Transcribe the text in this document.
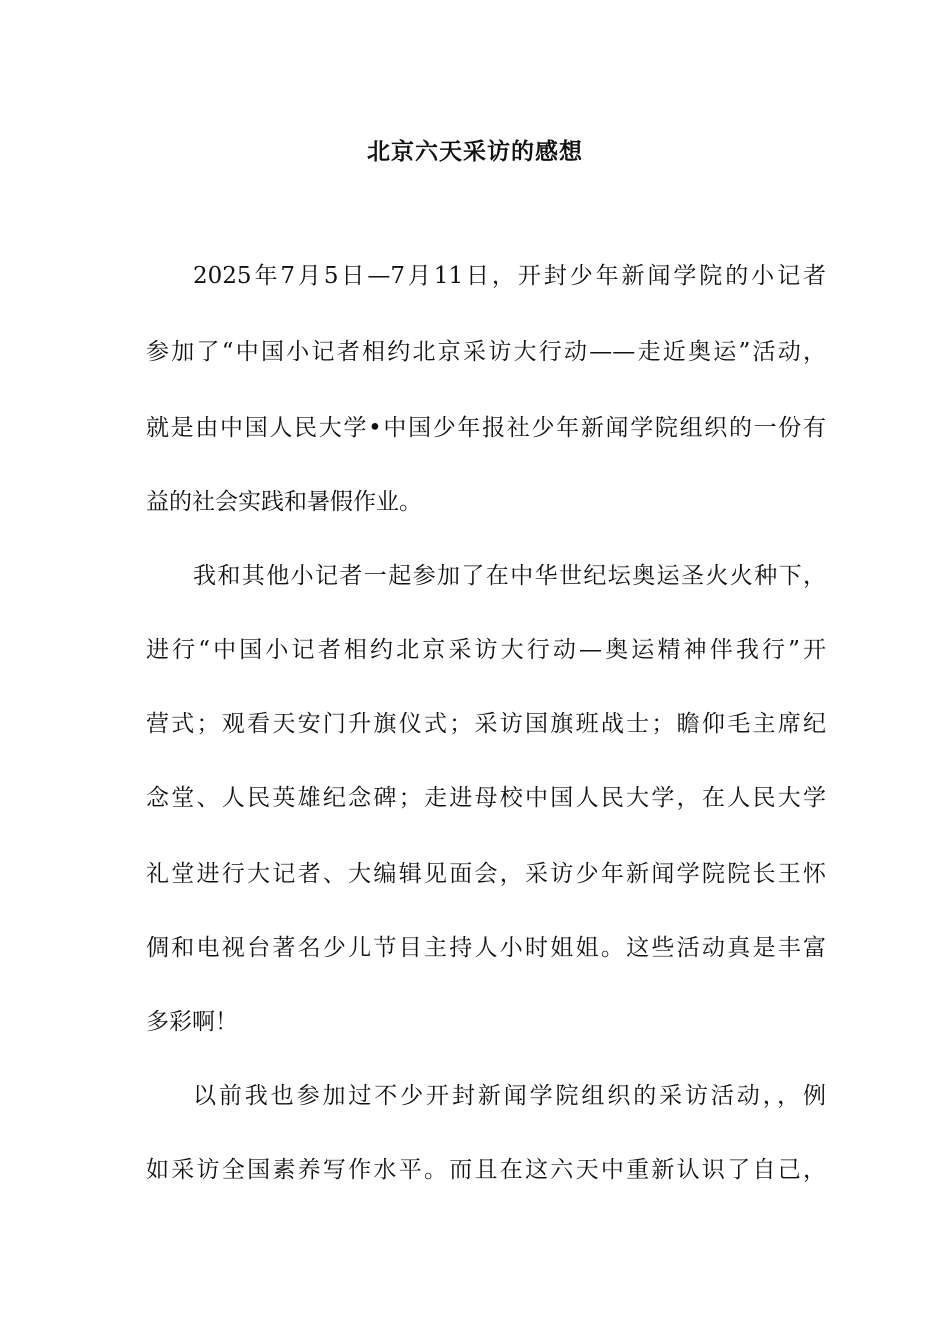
北京六天采访的感想
2025年7月5日—7月11日，开封少年新闻学院的小记者
参加了“中国小记者相约北京采访大行动——走近奥运”活动，
就是由中国人民大学•中国少年报社少年新闻学院组织的一份有
益的社会实践和暑假作业。
我和其他小记者一起参加了在中华世纪坛奥运圣火火种下，
进行“中国小记者相约北京采访大行动—奥运精神伴我行”开
营式；观看天安门升旗仪式；采访国旗班战士；瞻仰毛主席纪
念堂、人民英雄纪念碑；走进母校中国人民大学，在人民大学
礼堂进行大记者、大编辑见面会，采访少年新闻学院院长王怀
倜和电视台著名少儿节目主持人小时姐姐。这些活动真是丰富
多彩啊！
以前我也参加过不少开封新闻学院组织的采访活动，，例
如采访全国素养写作水平。而且在这六天中重新认识了自己，
